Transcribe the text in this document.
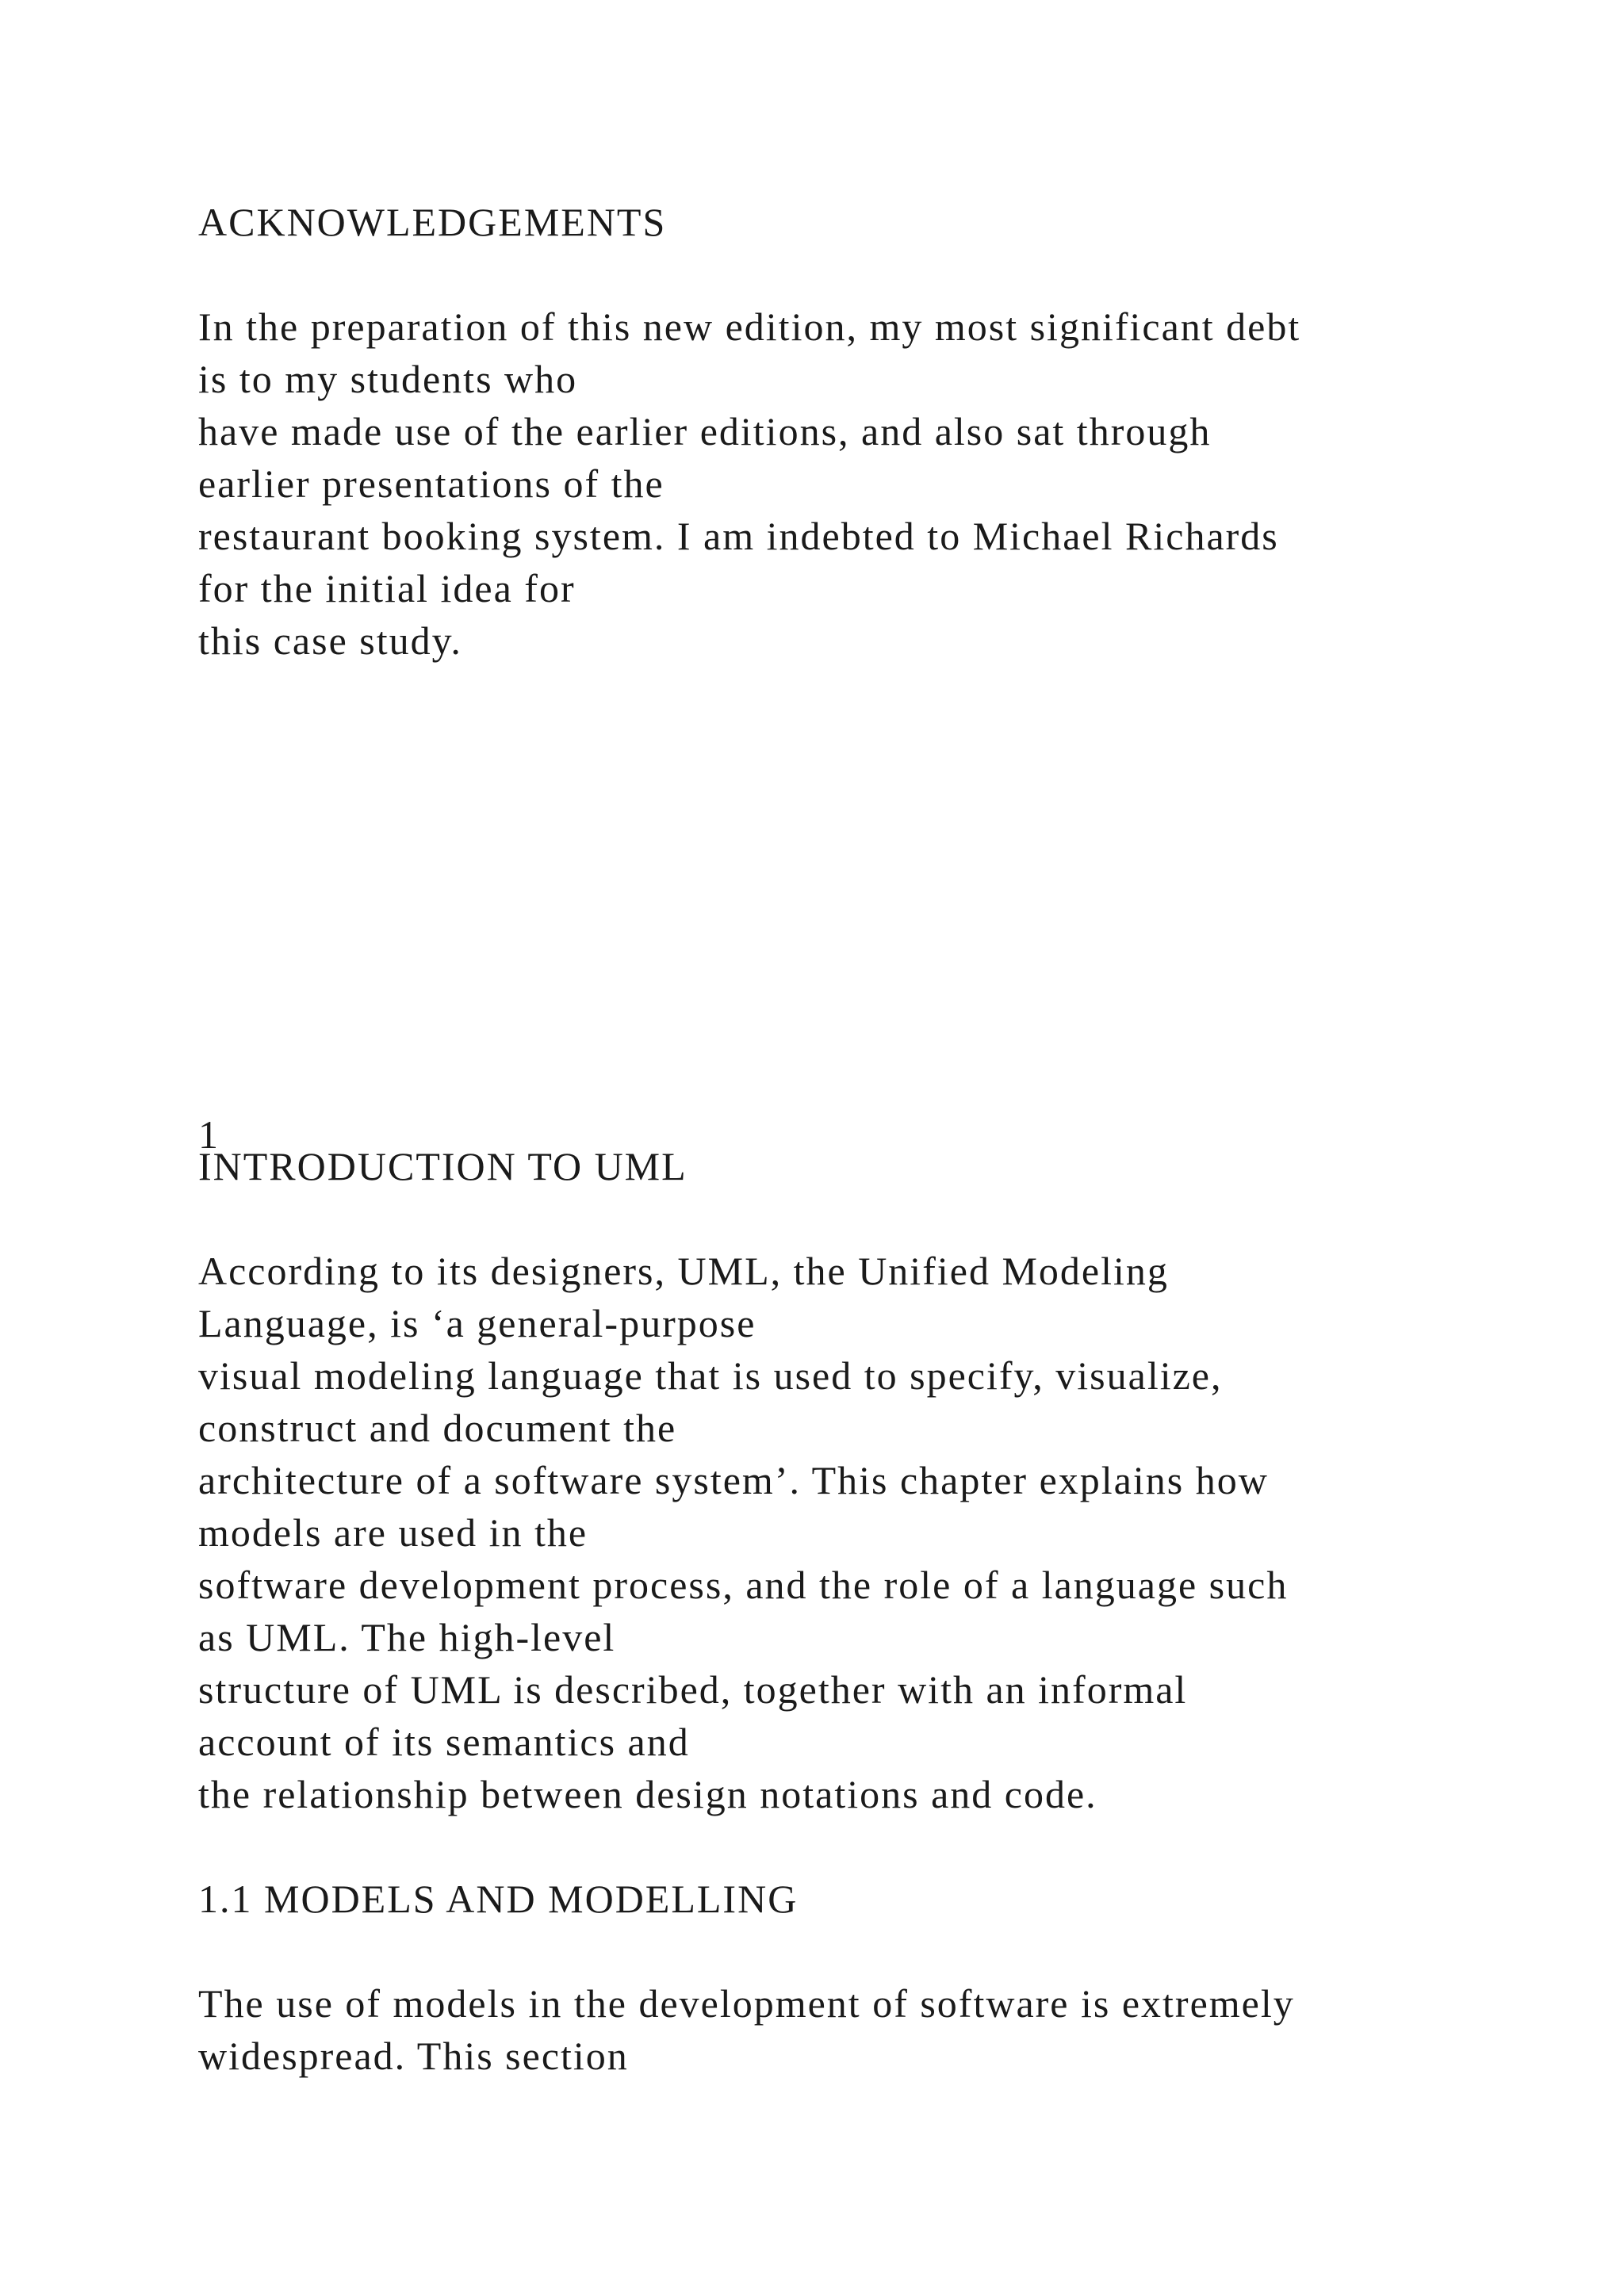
ACKNOWLEDGEMENTS
In the preparation of this new edition, my most significant debt
is to my students who
have made use of the earlier editions, and also sat through
earlier presentations of the
restaurant booking system. I am indebted to Michael Richards
for the initial idea for
this case study.
1
INTRODUCTION TO UML
According to its designers, UML, the Unified Modeling
Language, is ‘a general-purpose
visual modeling language that is used to specify, visualize,
construct and document the
architecture of a software system’. This chapter explains how
models are used in the
software development process, and the role of a language such
as UML. The high-level
structure of UML is described, together with an informal
account of its semantics and
the relationship between design notations and code.
1.1 MODELS AND MODELLING
The use of models in the development of software is extremely
widespread. This section
